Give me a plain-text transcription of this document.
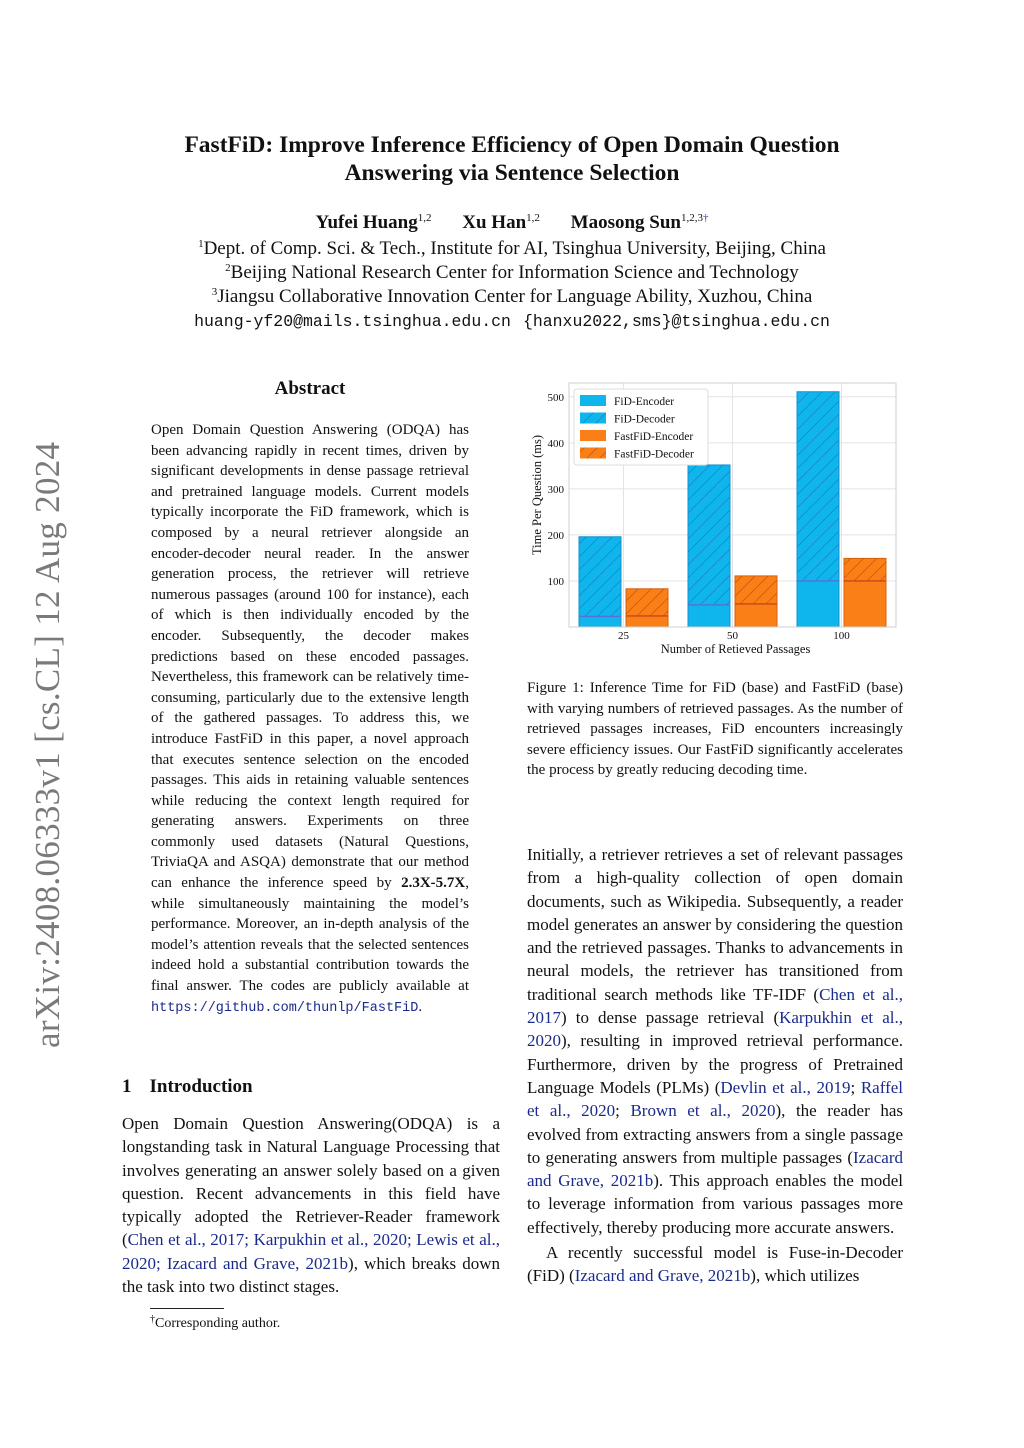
arXiv:2408.06333v1 [cs.CL] 12 Aug 2024
FastFiD: Improve Inference Efficiency of Open Domain Question
Answering via Sentence Selection
Yufei Huang$^{1,2}$ Xu Han$^{1,2}$ Maosong Sun$^{1,2,3\dagger}$
$^1$Dept. of Comp. Sci. & Tech., Institute for AI, Tsinghua University, Beijing, China
$^2$Beijing National Research Center for Information Science and Technology
$^3$Jiangsu Collaborative Innovation Center for Language Ability, Xuzhou, China
huang-yf20@mails.tsinghua.edu.cn {hanxu2022,sms}@tsinghua.edu.cn
Abstract
Open Domain Question Answering (ODQA) has been advancing rapidly in recent times, driven by significant developments in dense passage retrieval and pretrained language models. Current models typically incorporate the FiD framework, which is composed by a neural retriever alongside an encoder-decoder neural reader. In the answer generation process, the retriever will retrieve numerous passages (around 100 for instance), each of which is then individually encoded by the encoder. Subsequently, the decoder makes predictions based on these encoded passages. Nevertheless, this framework can be relatively time-consuming, particularly due to the extensive length of the gathered passages. To address this, we introduce FastFiD in this paper, a novel approach that executes sentence selection on the encoded passages. This aids in retaining valuable sentences while reducing the context length required for generating answers. Experiments on three commonly used datasets (Natural Questions, TriviaQA and ASQA) demonstrate that our method can enhance the inference speed by 2.3X-5.7X, while simultaneously maintaining the model’s performance. Moreover, an in-depth analysis of the model’s attention reveals that the selected sentences indeed hold a substantial contribution towards the final answer. The codes are publicly available at https://github.com/thunlp/FastFiD.
1 Introduction
Open Domain Question Answering(ODQA) is a longstanding task in Natural Language Processing that involves generating an answer solely based on a given question. Recent advancements in this field have typically adopted the Retriever-Reader framework (Chen et al., 2017; Karpukhin et al., 2020; Lewis et al., 2020; Izacard and Grave, 2021b), which breaks down the task into two distinct stages.
†Corresponding author.
100
200
300
400
500
25	50	100
Time Per Question (ms)
Number of Retieved Passages
FiD-Encoder
FiD-Decoder
FastFiD-Encoder
FastFiD-Decoder
Figure 1: Inference Time for FiD (base) and FastFiD (base) with varying numbers of retrieved passages. As the number of retrieved passages increases, FiD encounters increasingly severe efficiency issues. Our FastFiD significantly accelerates the process by greatly reducing decoding time.

Initially, a retriever retrieves a set of relevant passages from a high-quality collection of open domain documents, such as Wikipedia. Subsequently, a reader model generates an answer by considering the question and the retrieved passages. Thanks to advancements in neural models, the retriever has transitioned from traditional search methods like TF-IDF (Chen et al., 2017) to dense passage retrieval (Karpukhin et al., 2020), resulting in improved retrieval performance. Furthermore, driven by the progress of Pretrained Language Models (PLMs) (Devlin et al., 2019; Raffel et al., 2020; Brown et al., 2020), the reader has evolved from extracting answers from a single passage to generating answers from multiple passages (Izacard and Grave, 2021b). This approach enables the model to leverage information from various passages more effectively, thereby producing more accurate answers.

A recently successful model is Fuse-in-Decoder (FiD) (Izacard and Grave, 2021b), which utilizes
